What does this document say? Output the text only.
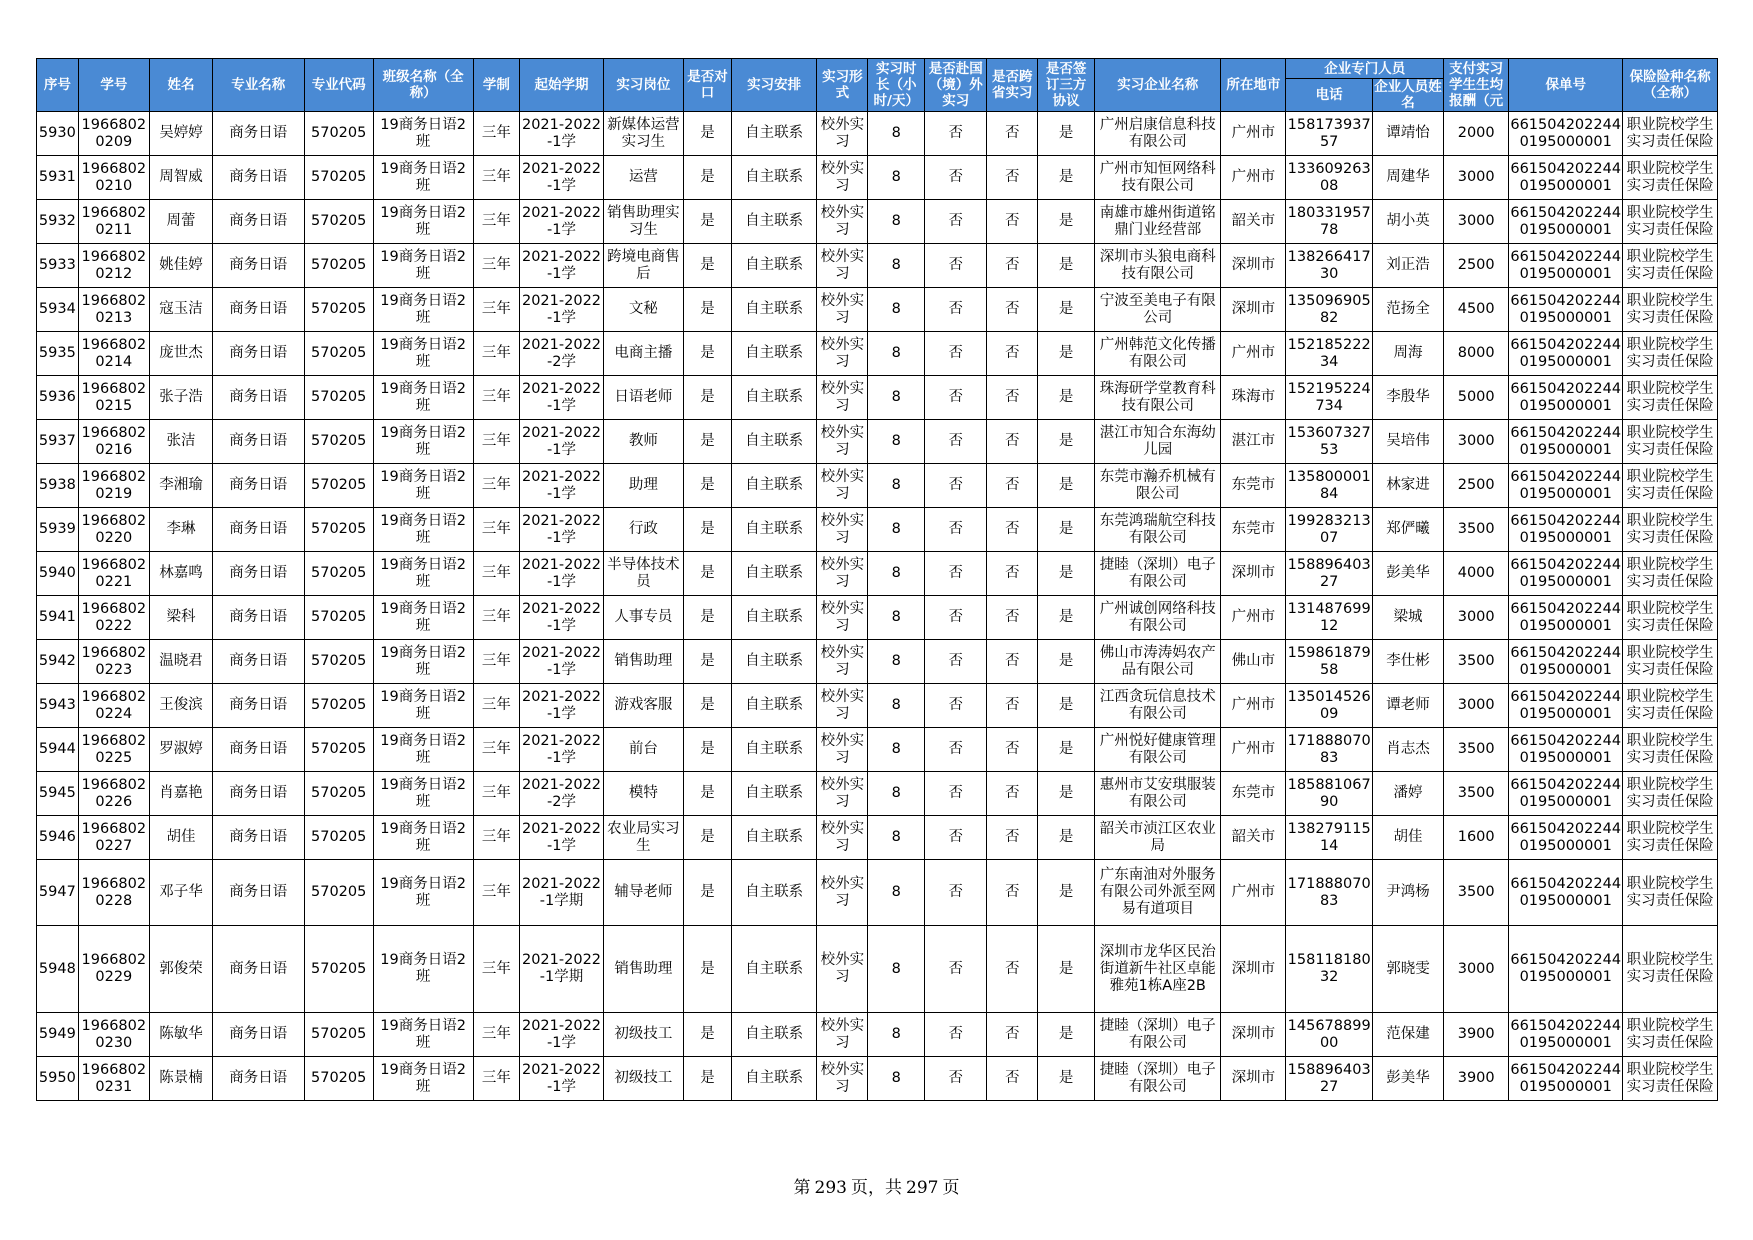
序号	学号	姓名	专业名称	专业代码	班级名称（全称）	学制	起始学期	实习岗位	是否对口	实习安排	实习形式	实习时长（小时/天）	是否赴国（境）外实习	是否跨省实习	是否签订三方协议	实习企业名称	所在地市	企业专门人员		支付实习学生生均报酬（元	保单号	保险险种名称（全称）
																		电话	企业人员姓名			
5930	19668020209	吴婷婷	商务日语	570205	19商务日语2班	三年	2021-2022-1学	新媒体运营实习生	是	自主联系	校外实习	8	否	否	是	广州启康信息科技有限公司	广州市	15817393757	谭靖怡	2000	6615042022440195000001	职业院校学生实习责任保险
5931	19668020210	周智威	商务日语	570205	19商务日语2班	三年	2021-2022-1学	运营	是	自主联系	校外实习	8	否	否	是	广州市知恒网络科技有限公司	广州市	13360926308	周建华	3000	6615042022440195000001	职业院校学生实习责任保险
5932	19668020211	周蕾	商务日语	570205	19商务日语2班	三年	2021-2022-1学	销售助理实习生	是	自主联系	校外实习	8	否	否	是	南雄市雄州街道铭鼎门业经营部	韶关市	18033195778	胡小英	3000	6615042022440195000001	职业院校学生实习责任保险
5933	19668020212	姚佳婷	商务日语	570205	19商务日语2班	三年	2021-2022-1学	跨境电商售后	是	自主联系	校外实习	8	否	否	是	深圳市头狼电商科技有限公司	深圳市	13826641730	刘正浩	2500	6615042022440195000001	职业院校学生实习责任保险
5934	19668020213	寇玉洁	商务日语	570205	19商务日语2班	三年	2021-2022-1学	文秘	是	自主联系	校外实习	8	否	否	是	宁波至美电子有限公司	深圳市	13509690582	范扬全	4500	6615042022440195000001	职业院校学生实习责任保险
5935	19668020214	庞世杰	商务日语	570205	19商务日语2班	三年	2021-2022-2学	电商主播	是	自主联系	校外实习	8	否	否	是	广州韩范文化传播有限公司	广州市	15218522234	周海	8000	6615042022440195000001	职业院校学生实习责任保险
5936	19668020215	张子浩	商务日语	570205	19商务日语2班	三年	2021-2022-1学	日语老师	是	自主联系	校外实习	8	否	否	是	珠海研学堂教育科技有限公司	珠海市	152195224734	李殷华	5000	6615042022440195000001	职业院校学生实习责任保险
5937	19668020216	张洁	商务日语	570205	19商务日语2班	三年	2021-2022-1学	教师	是	自主联系	校外实习	8	否	否	是	湛江市知合东海幼儿园	湛江市	15360732753	吴培伟	3000	6615042022440195000001	职业院校学生实习责任保险
5938	19668020219	李湘瑜	商务日语	570205	19商务日语2班	三年	2021-2022-1学	助理	是	自主联系	校外实习	8	否	否	是	东莞市瀚乔机械有限公司	东莞市	13580000184	林家进	2500	6615042022440195000001	职业院校学生实习责任保险
5939	19668020220	李琳	商务日语	570205	19商务日语2班	三年	2021-2022-1学	行政	是	自主联系	校外实习	8	否	否	是	东莞鸿瑞航空科技有限公司	东莞市	19928321307	郑俨曦	3500	6615042022440195000001	职业院校学生实习责任保险
5940	19668020221	林嘉鸣	商务日语	570205	19商务日语2班	三年	2021-2022-1学	半导体技术员	是	自主联系	校外实习	8	否	否	是	捷睦（深圳）电子有限公司	深圳市	15889640327	彭美华	4000	6615042022440195000001	职业院校学生实习责任保险
5941	19668020222	梁科	商务日语	570205	19商务日语2班	三年	2021-2022-1学	人事专员	是	自主联系	校外实习	8	否	否	是	广州诚创网络科技有限公司	广州市	13148769912	梁城	3000	6615042022440195000001	职业院校学生实习责任保险
5942	19668020223	温晓君	商务日语	570205	19商务日语2班	三年	2021-2022-1学	销售助理	是	自主联系	校外实习	8	否	否	是	佛山市涛涛妈农产品有限公司	佛山市	15986187958	李仕彬	3500	6615042022440195000001	职业院校学生实习责任保险
5943	19668020224	王俊滨	商务日语	570205	19商务日语2班	三年	2021-2022-1学	游戏客服	是	自主联系	校外实习	8	否	否	是	江西贪玩信息技术有限公司	广州市	13501452609	谭老师	3000	6615042022440195000001	职业院校学生实习责任保险
5944	19668020225	罗淑婷	商务日语	570205	19商务日语2班	三年	2021-2022-1学	前台	是	自主联系	校外实习	8	否	否	是	广州悦好健康管理有限公司	广州市	17188807083	肖志杰	3500	6615042022440195000001	职业院校学生实习责任保险
5945	19668020226	肖嘉艳	商务日语	570205	19商务日语2班	三年	2021-2022-2学	模特	是	自主联系	校外实习	8	否	否	是	惠州市艾安琪服装有限公司	东莞市	18588106790	潘婷	3500	6615042022440195000001	职业院校学生实习责任保险
5946	19668020227	胡佳	商务日语	570205	19商务日语2班	三年	2021-2022-1学	农业局实习生	是	自主联系	校外实习	8	否	否	是	韶关市浈江区农业局	韶关市	13827911514	胡佳	1600	6615042022440195000001	职业院校学生实习责任保险
5947	19668020228	邓子华	商务日语	570205	19商务日语2班	三年	2021-2022-1学期	辅导老师	是	自主联系	校外实习	8	否	否	是	广东南油对外服务有限公司外派至网易有道项目	广州市	17188807083	尹鸿杨	3500	6615042022440195000001	职业院校学生实习责任保险
5948	19668020229	郭俊荣	商务日语	570205	19商务日语2班	三年	2021-2022-1学期	销售助理	是	自主联系	校外实习	8	否	否	是	深圳市龙华区民治街道新牛社区卓能雅苑1栋A座2B	深圳市	15811818032	郭晓雯	3000	6615042022440195000001	职业院校学生实习责任保险
5949	19668020230	陈敏华	商务日语	570205	19商务日语2班	三年	2021-2022-1学	初级技工	是	自主联系	校外实习	8	否	否	是	捷睦（深圳）电子有限公司	深圳市	14567889900	范保建	3900	6615042022440195000001	职业院校学生实习责任保险
5950	19668020231	陈景楠	商务日语	570205	19商务日语2班	三年	2021-2022-1学	初级技工	是	自主联系	校外实习	8	否	否	是	捷睦（深圳）电子有限公司	深圳市	15889640327	彭美华	3900	6615042022440195000001	职业院校学生实习责任保险
第 293 页，共 297 页
